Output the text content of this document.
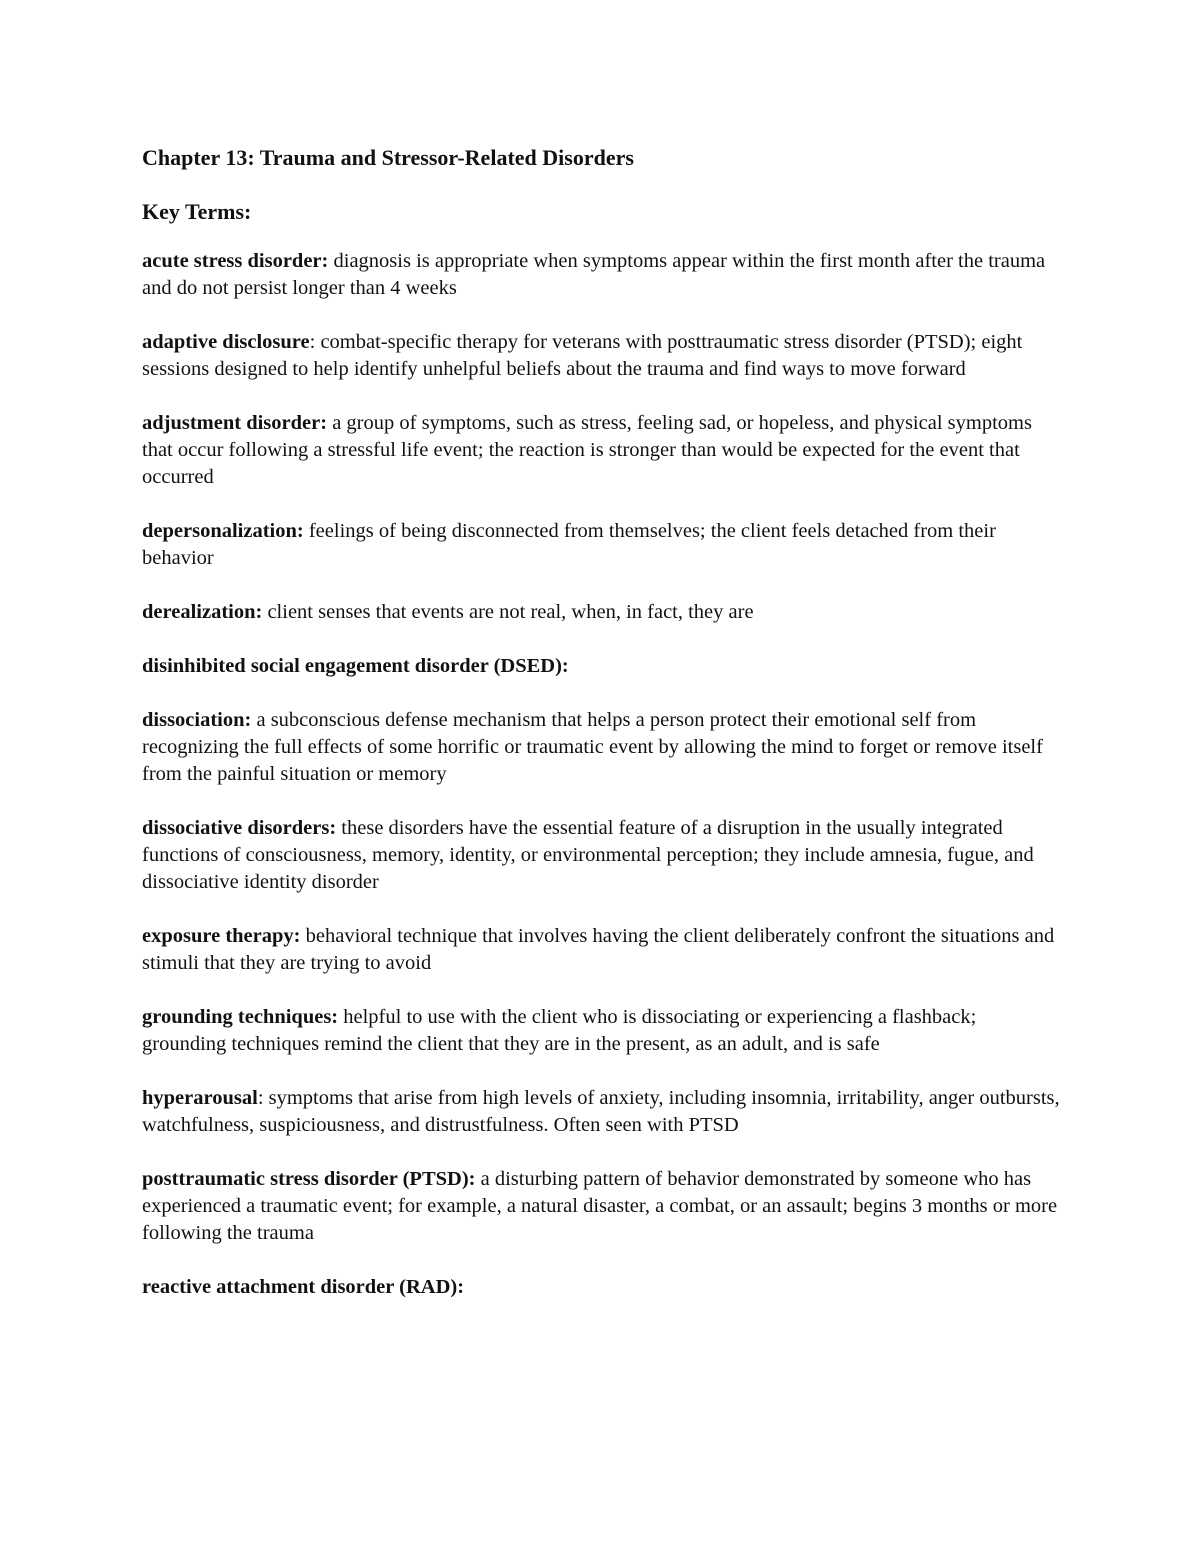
Chapter 13: Trauma and Stressor-Related Disorders
Key Terms:
acute stress disorder: diagnosis is appropriate when symptoms appear within the first month after the trauma and do not persist longer than 4 weeks
adaptive disclosure: combat-specific therapy for veterans with posttraumatic stress disorder (PTSD); eight sessions designed to help identify unhelpful beliefs about the trauma and find ways to move forward
adjustment disorder: a group of symptoms, such as stress, feeling sad, or hopeless, and physical symptoms that occur following a stressful life event; the reaction is stronger than would be expected for the event that occurred
depersonalization: feelings of being disconnected from themselves; the client feels detached from their behavior
derealization: client senses that events are not real, when, in fact, they are
disinhibited social engagement disorder (DSED):
dissociation: a subconscious defense mechanism that helps a person protect their emotional self from recognizing the full effects of some horrific or traumatic event by allowing the mind to forget or remove itself from the painful situation or memory
dissociative disorders: these disorders have the essential feature of a disruption in the usually integrated functions of consciousness, memory, identity, or environmental perception; they include amnesia, fugue, and dissociative identity disorder
exposure therapy: behavioral technique that involves having the client deliberately confront the situations and stimuli that they are trying to avoid
grounding techniques: helpful to use with the client who is dissociating or experiencing a flashback; grounding techniques remind the client that they are in the present, as an adult, and is safe
hyperarousal: symptoms that arise from high levels of anxiety, including insomnia, irritability, anger outbursts, watchfulness, suspiciousness, and distrustfulness. Often seen with PTSD
posttraumatic stress disorder (PTSD): a disturbing pattern of behavior demonstrated by someone who has experienced a traumatic event; for example, a natural disaster, a combat, or an assault; begins 3 months or more following the trauma
reactive attachment disorder (RAD):
